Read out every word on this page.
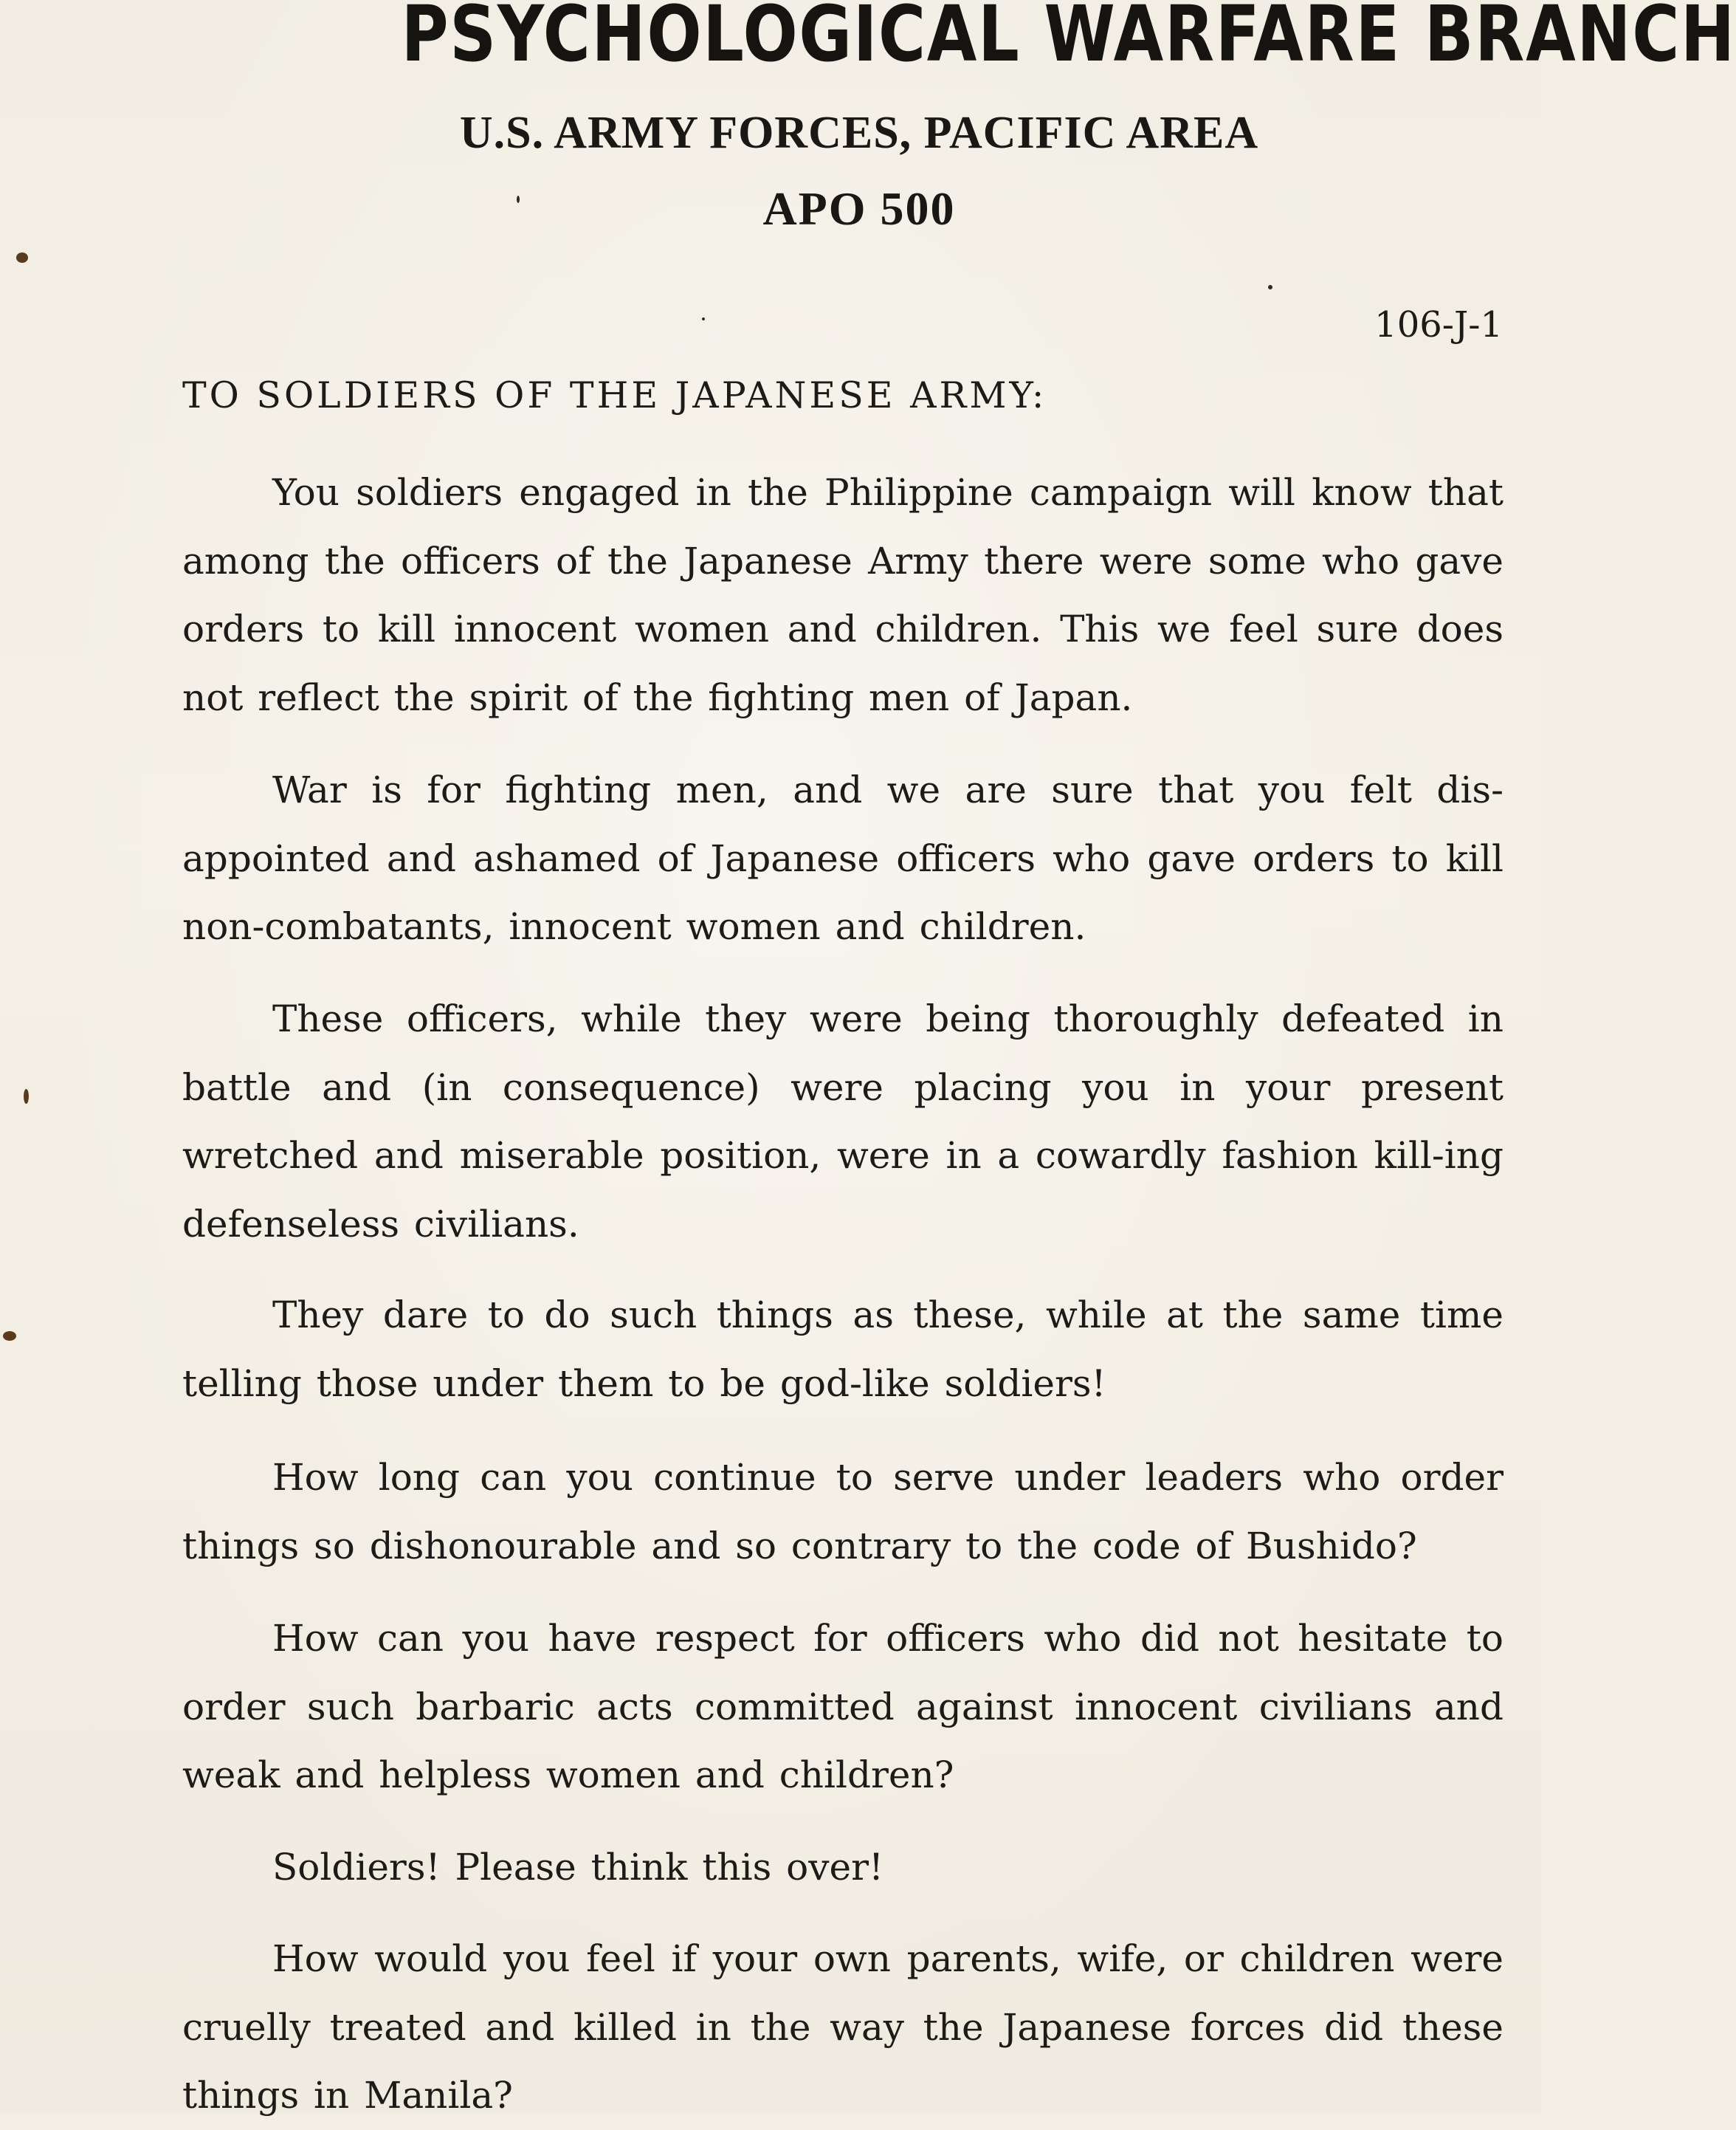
PSYCHOLOGICAL WARFARE BRANCH
U.S. ARMY FORCES, PACIFIC AREA
APO 500
106-J-1
TO SOLDIERS OF THE JAPANESE ARMY:

You soldiers engaged in the Philippine campaign will know that among the officers of the Japanese Army there were some who gave orders to kill innocent women and children. This we feel sure does not reflect the spirit of the fighting men of Japan.

War is for fighting men, and we are sure that you felt dis-appointed and ashamed of Japanese officers who gave orders to kill non-combatants, innocent women and children.

These officers, while they were being thoroughly defeated in battle and (in consequence) were placing you in your present wretched and miserable position, were in a cowardly fashion kill-ing defenseless civilians.

They dare to do such things as these, while at the same time telling those under them to be god-like soldiers!

How long can you continue to serve under leaders who order things so dishonourable and so contrary to the code of Bushido?

How can you have respect for officers who did not hesitate to order such barbaric acts committed against innocent civilians and weak and helpless women and children?

Soldiers! Please think this over!

How would you feel if your own parents, wife, or children were cruelly treated and killed in the way the Japanese forces did these things in Manila?
